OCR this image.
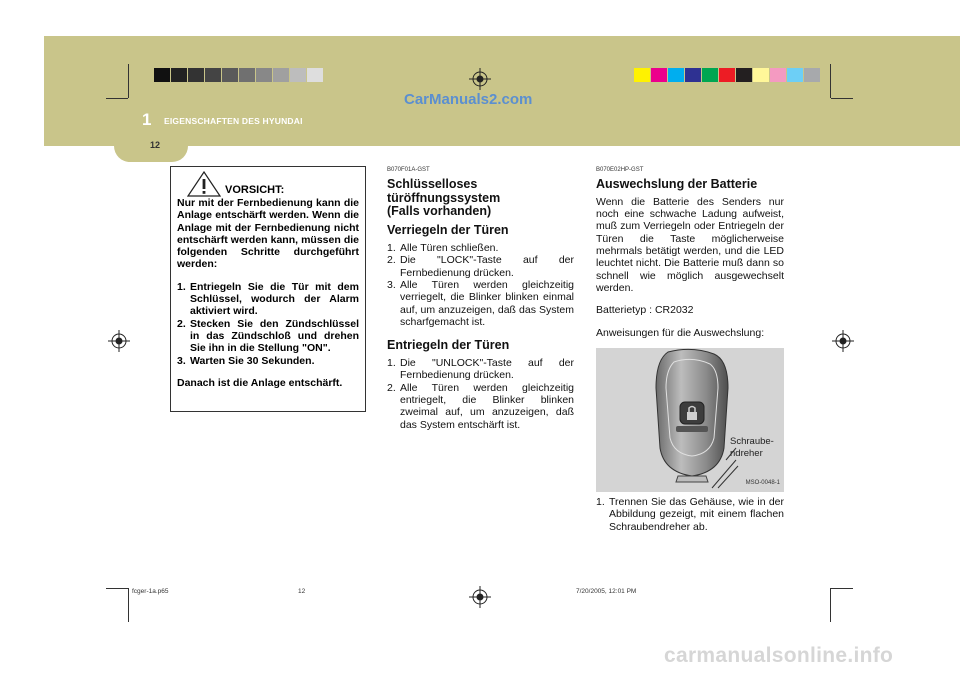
CarManuals2.com
1 EIGENSCHAFTEN DES HYUNDAI
12
VORSICHT:

Nur mit der Fernbedienung kann die Anlage entschärft werden. Wenn die Anlage mit der Fernbedienung nicht entschärft werden kann, müssen die folgenden Schritte durchgeführt werden:

1. Entriegeln Sie die Tür mit dem Schlüssel, wodurch der Alarm aktiviert wird.
2. Stecken Sie den Zündschlüssel in das Zündschloß und drehen Sie ihn in die Stellung "ON".
3. Warten Sie 30 Sekunden.

Danach ist die Anlage entschärft.

B070F01A-GST
Schlüsselloses
türöffnungssystem
(Falls vorhanden)
Verriegeln der Türen
1. Alle Türen schließen.
2. Die "LOCK"-Taste auf der Fernbedienung drücken.
3. Alle Türen werden gleichzeitig verriegelt, die Blinker blinken einmal auf, um anzuzeigen, daß das System scharfgemacht ist.
Entriegeln der Türen
1. Die "UNLOCK"-Taste auf der Fernbedienung drücken.
2. Alle Türen werden gleichzeitig entriegelt, die Blinker blinken zweimal auf, um anzuzeigen, daß das System entschärft ist.
B070E02HP-GST
Auswechslung der Batterie

Wenn die Batterie des Senders nur noch eine schwache Ladung aufweist, muß zum Verriegeln oder Entriegeln der Türen die Taste möglicherweise mehrmals betätigt werden, und die LED leuchtet nicht. Die Batterie muß dann so schnell wie möglich ausgewechselt werden.

Batterietyp : CR2032

Anweisungen für die Auswechslung:

Schraube-
ndreher
MSO-0048-1
1. Trennen Sie das Gehäuse, wie in der Abbildung gezeigt, mit einem flachen Schraubendreher ab.
fcger-1a.p65	12	7/20/2005, 12:01 PM
carmanualsonline.info
